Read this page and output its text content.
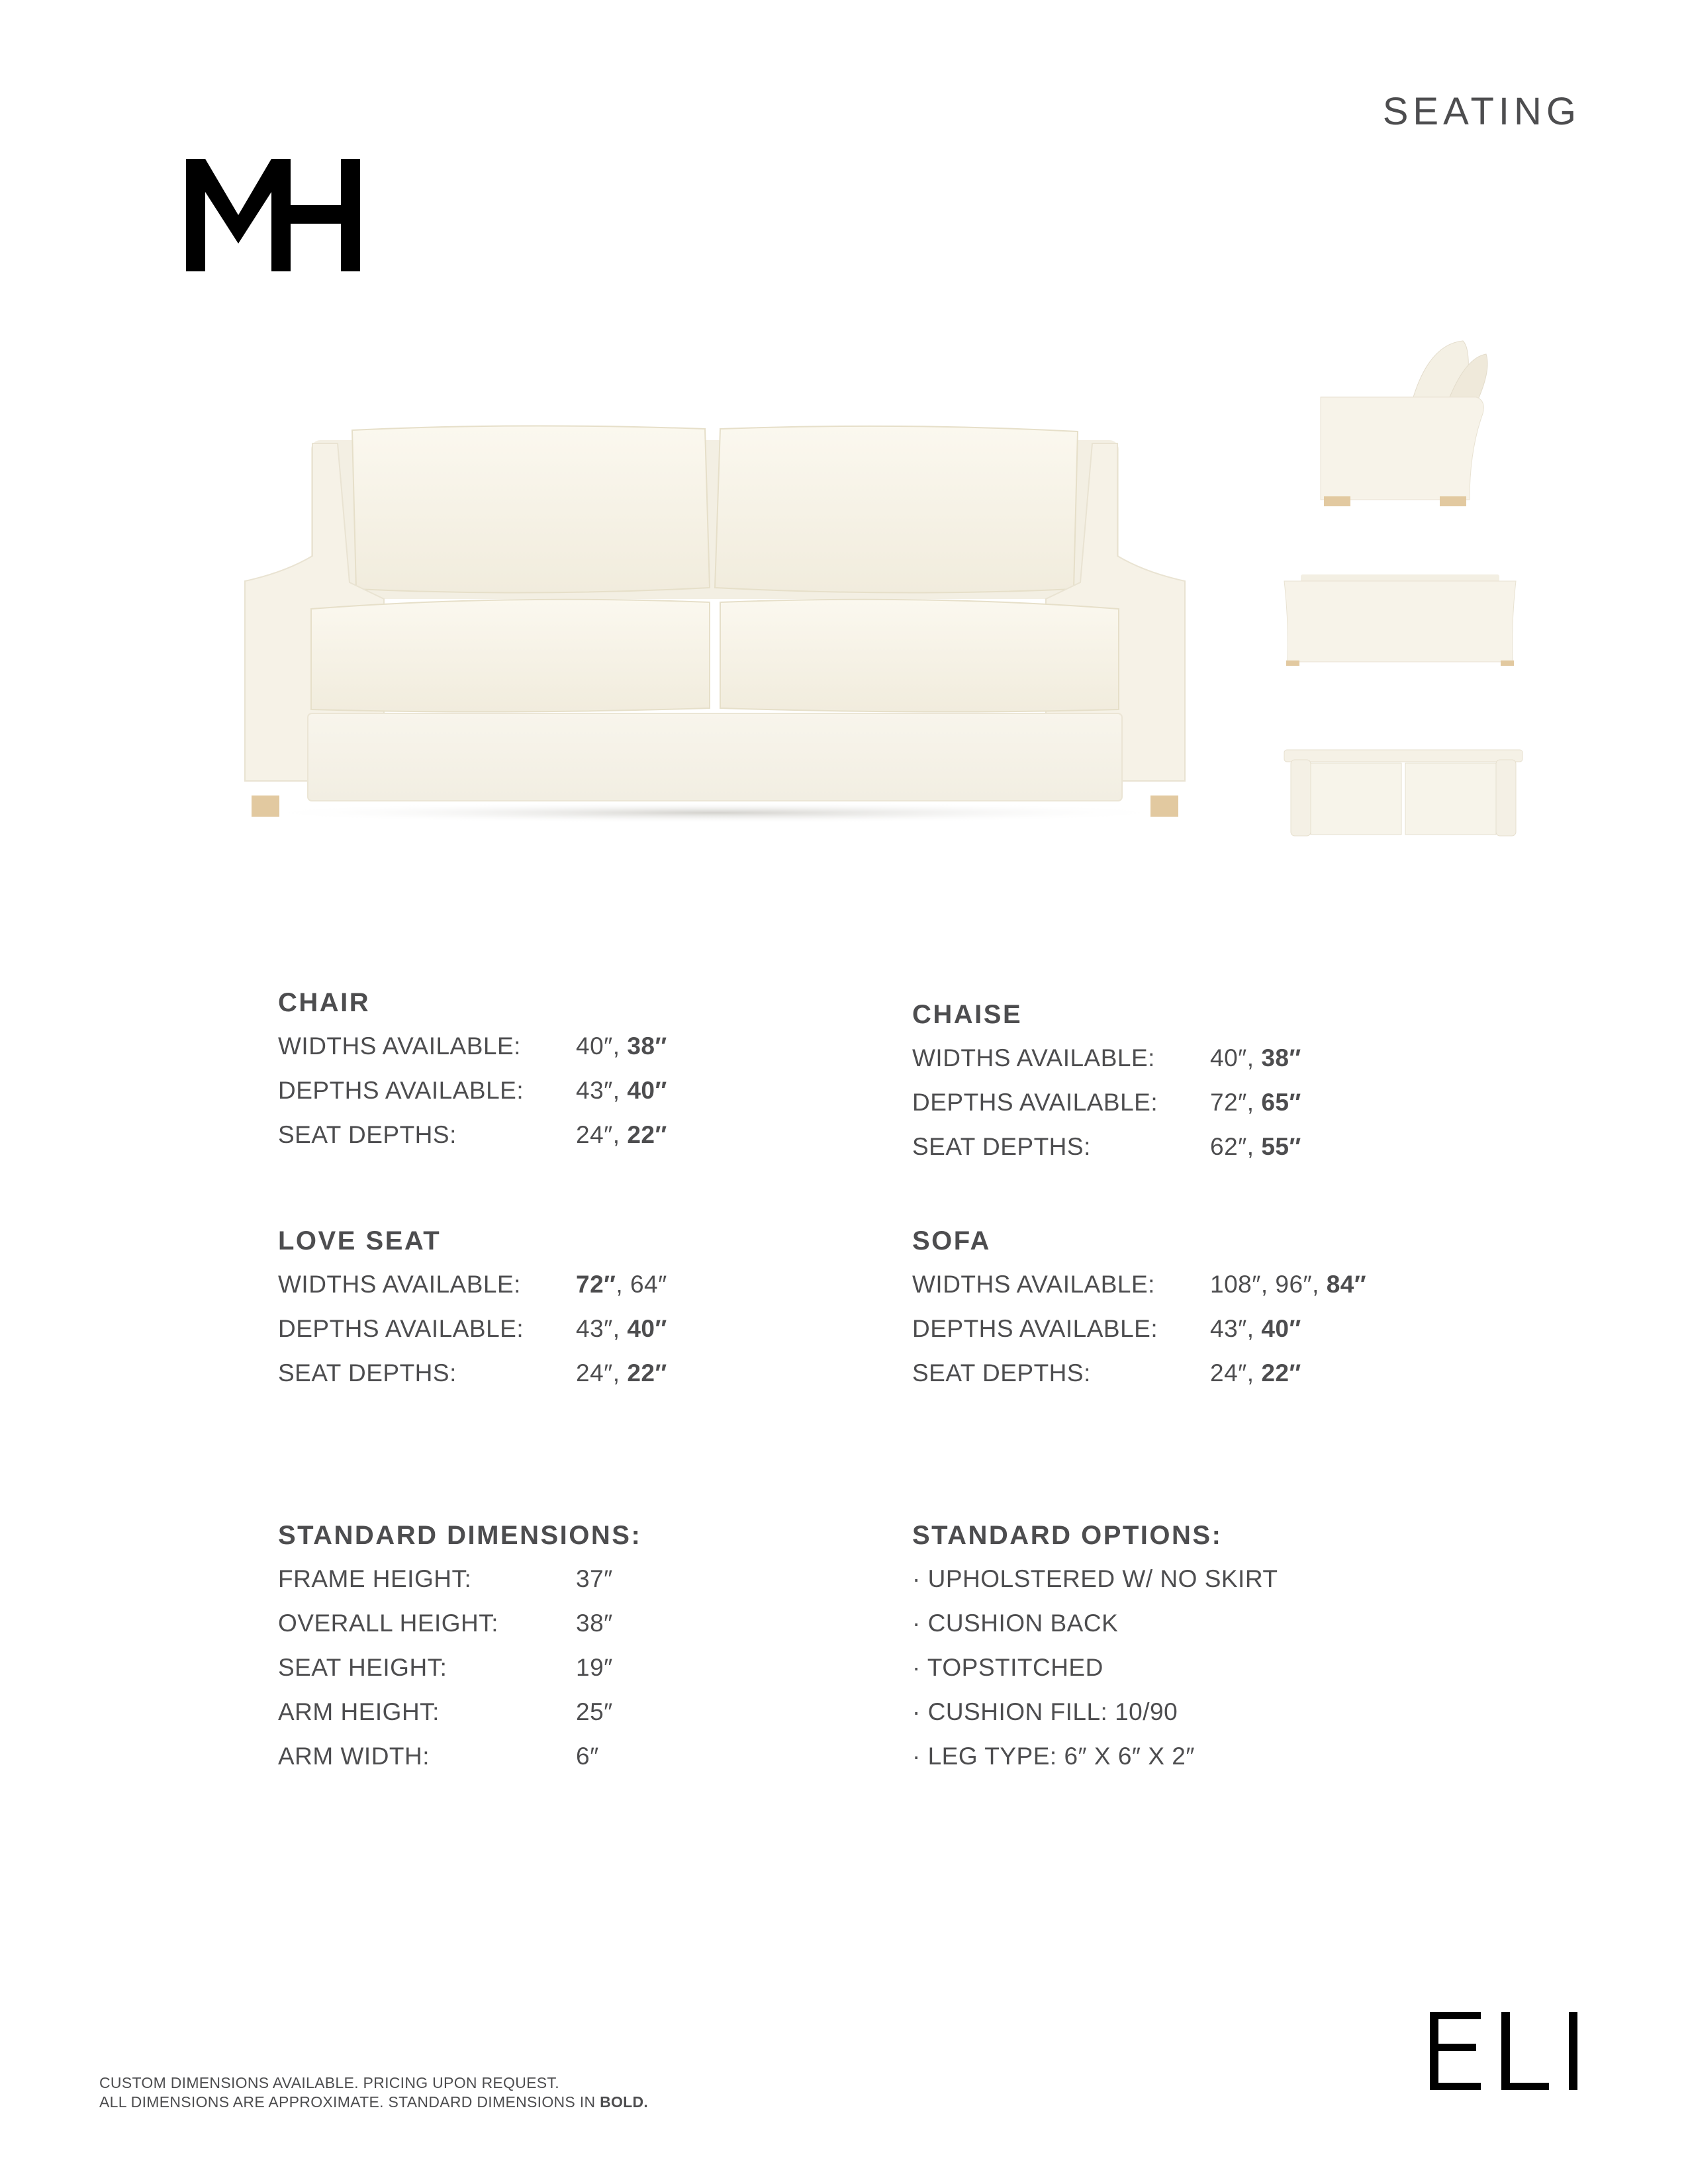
SEATING
CHAIR
WIDTHS AVAILABLE:	40″, 38″
DEPTHS AVAILABLE:	43″, 40″
SEAT DEPTHS:	24″, 22″
CHAISE
WIDTHS AVAILABLE:	40″, 38″
DEPTHS AVAILABLE:	72″, 65″
SEAT DEPTHS:	62″, 55″
LOVE SEAT
WIDTHS AVAILABLE:	72″, 64″
DEPTHS AVAILABLE:	43″, 40″
SEAT DEPTHS:	24″, 22″
SOFA
WIDTHS AVAILABLE:	108″, 96″, 84″
DEPTHS AVAILABLE:	43″, 40″
SEAT DEPTHS:	24″, 22″
STANDARD DIMENSIONS:
FRAME HEIGHT:	37″
OVERALL HEIGHT:	38″
SEAT HEIGHT:	19″
ARM HEIGHT:	25″
ARM WIDTH:	6″
STANDARD OPTIONS:
· UPHOLSTERED W/ NO SKIRT
· CUSHION BACK
· TOPSTITCHED
· CUSHION FILL: 10/90
· LEG TYPE: 6″ X 6″ X 2″
CUSTOM DIMENSIONS AVAILABLE. PRICING UPON REQUEST.
ALL DIMENSIONS ARE APPROXIMATE. STANDARD DIMENSIONS IN BOLD.
